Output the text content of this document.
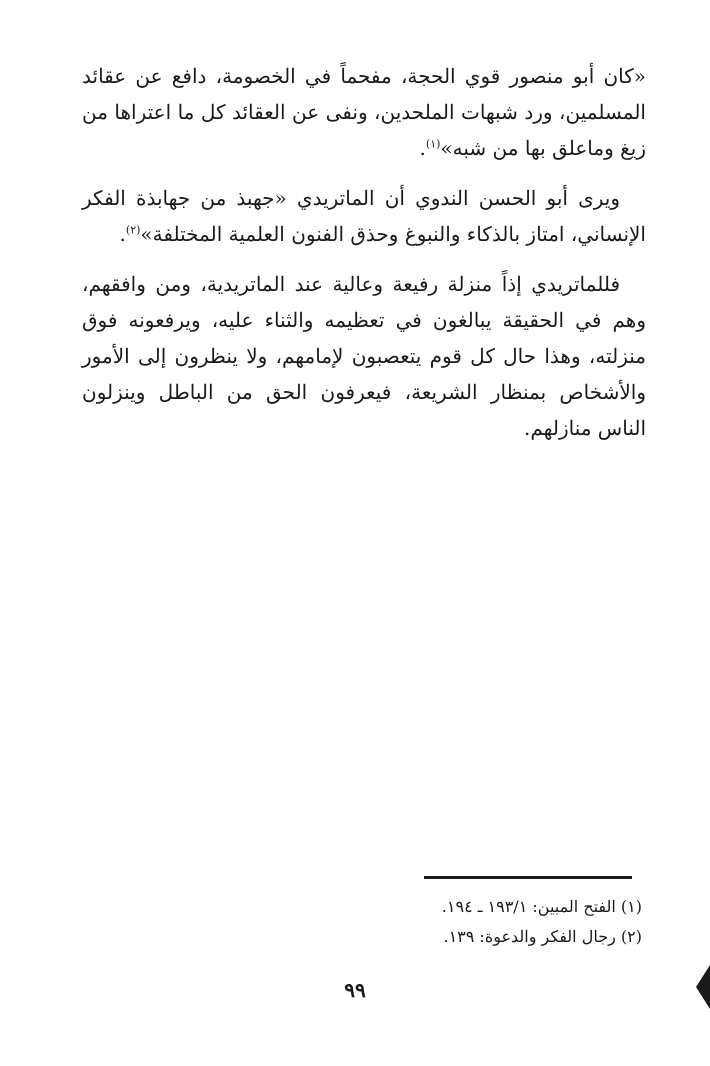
«كان أبو منصور قوي الحجة، مفحماً في الخصومة، دافع عن عقائد المسلمين، ورد شبهات الملحدين، ونفى عن العقائد كل ما اعتراها من زيغ وماعلق بها من شبه»$^{(١)}$.

ويرى أبو الحسن الندوي أن الماتريدي «جهبذ من جهابذة الفكر الإنساني، امتاز بالذكاء والنبوغ وحذق الفنون العلمية المختلفة»$^{(٢)}$.

فللماتريدي إذاً منزلة رفيعة وعالية عند الماتريدية، ومن وافقهم، وهم في الحقيقة يبالغون في تعظيمه والثناء عليه، ويرفعونه فوق منزلته، وهذا حال كل قوم يتعصبون لإمامهم، ولا ينظرون إلى الأمور والأشخاص بمنظار الشريعة، فيعرفون الحق من الباطل وينزلون الناس منازلهم.

(١) الفتح المبين: ١٩٣/١ ـ ١٩٤.

(٢) رجال الفكر والدعوة: ١٣٩.

٩٩
